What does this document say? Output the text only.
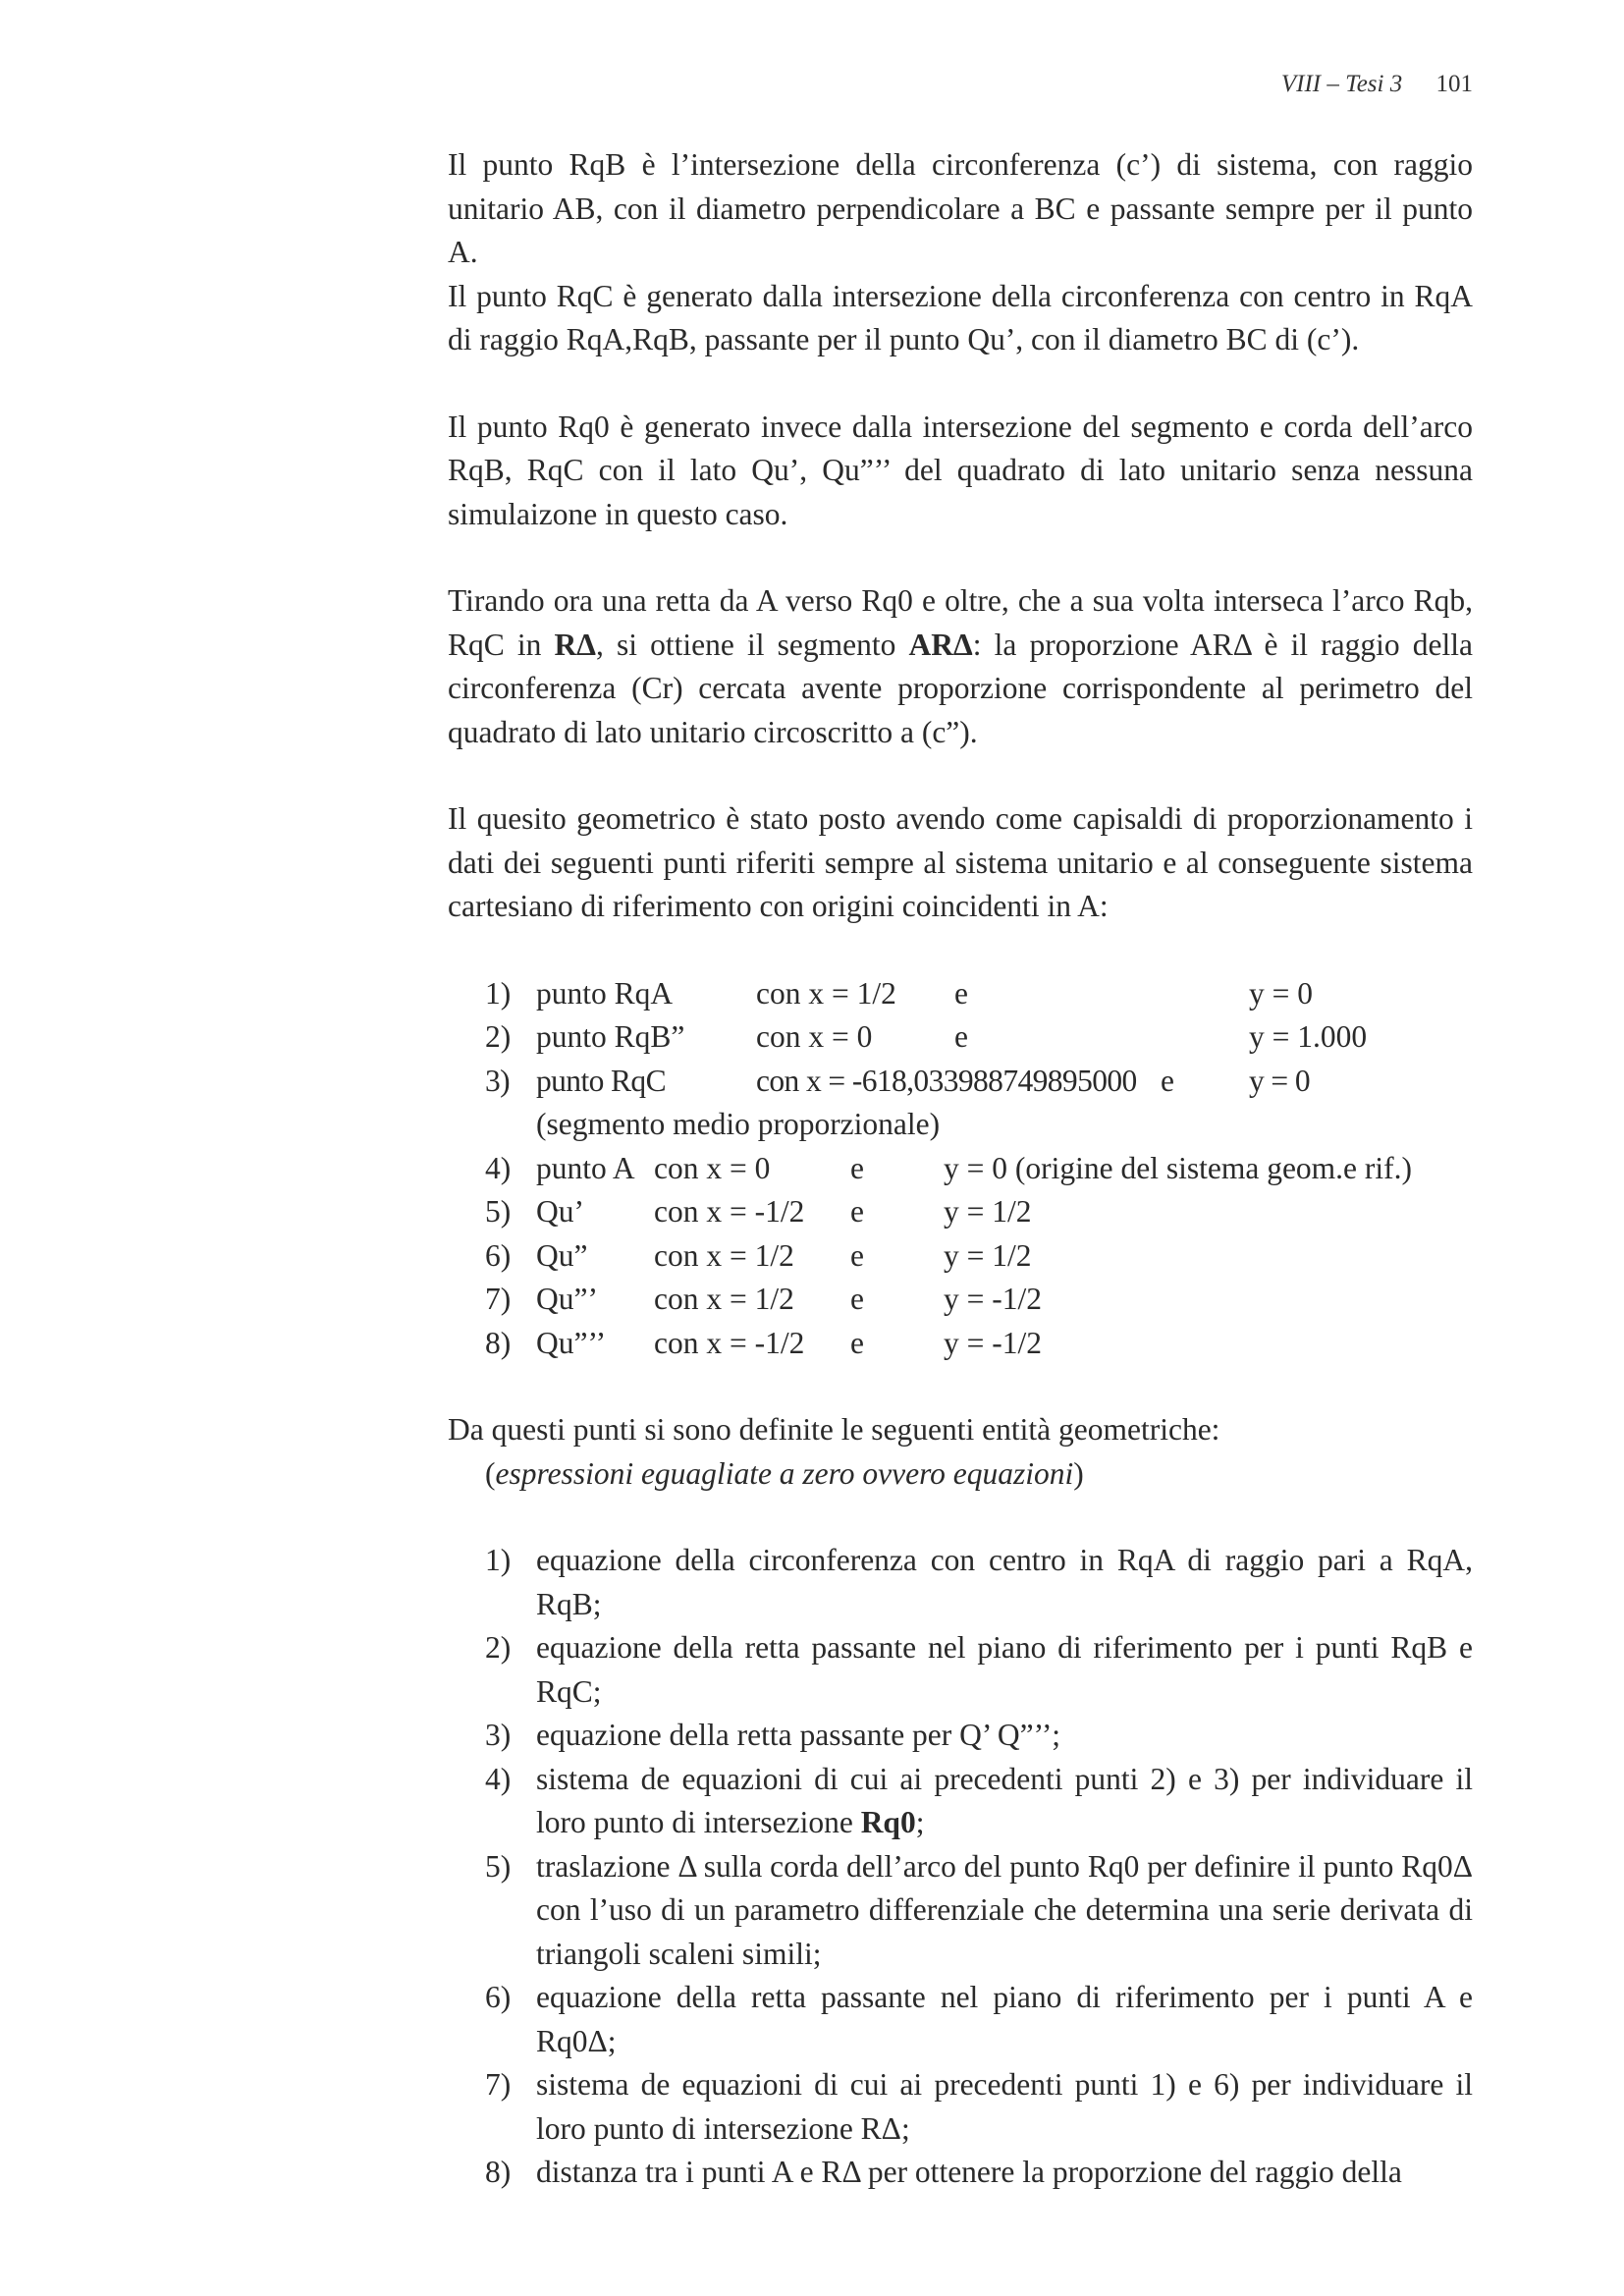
VIII – Tesi 3 101

Il punto RqB è l’intersezione della circonferenza (c’) di sistema, con raggio unitario AB, con il diametro perpendicolare a BC e passante sempre per il punto A.

Il punto RqC è generato dalla intersezione della circonferenza con centro in RqA di raggio RqA,RqB, passante per il punto Qu’, con il diametro BC di (c’).

Il punto Rq0 è generato invece dalla intersezione del segmento e corda dell’arco RqB, RqC con il lato Qu’, Qu”’’ del quadrato di lato unitario senza nessuna simulaizone in questo caso.

Tirando ora una retta da A verso Rq0 e oltre, che a sua volta interseca l’arco Rqb, RqC in RΔ, si ottiene il segmento ARΔ: la proporzione ARΔ è il raggio della circonferenza (Cr) cercata avente proporzione corrispondente al perimetro del quadrato di lato unitario circoscritto a (c”).

Il quesito geometrico è stato posto avendo come capisaldi di proporzionamento i dati dei seguenti punti riferiti sempre al sistema unitario e al conseguente sistema cartesiano di riferimento con origini coincidenti in A:

1) punto RqA	con x = 1/2	e	y = 0
2) punto RqB”	con x = 0	e	y = 1.000
3) punto RqC	con x = -618,033988749895000 e	y = 0
(segmento medio proporzionale)
4) punto A con x = 0	e	y = 0 (origine del sistema geom.e rif.)
5) Qu’	con x = -1/2	e	y = 1/2
6) Qu”	con x = 1/2	e	y = 1/2
7) Qu”’	con x = 1/2	e	y = -1/2
8) Qu”’’	con x = -1/2	e	y = -1/2

Da questi punti si sono definite le seguenti entità geometriche:

(espressioni eguagliate a zero ovvero equazioni)

1) equazione della circonferenza con centro in RqA di raggio pari a RqA, RqB;
2) equazione della retta passante nel piano di riferimento per i punti RqB e RqC;
3) equazione della retta passante per Q’ Q”’’;
4) sistema de equazioni di cui ai precedenti punti 2) e 3) per individuare il loro punto di intersezione Rq0;
5) traslazione Δ sulla corda dell’arco del punto Rq0 per definire il punto Rq0Δ con l’uso di un parametro differenziale che determina una serie derivata di triangoli scaleni simili;
6) equazione della retta passante nel piano di riferimento per i punti A e Rq0Δ;
7) sistema de equazioni di cui ai precedenti punti 1) e 6) per individuare il loro punto di intersezione RΔ;
8) distanza tra i punti A e RΔ per ottenere la proporzione del raggio della
